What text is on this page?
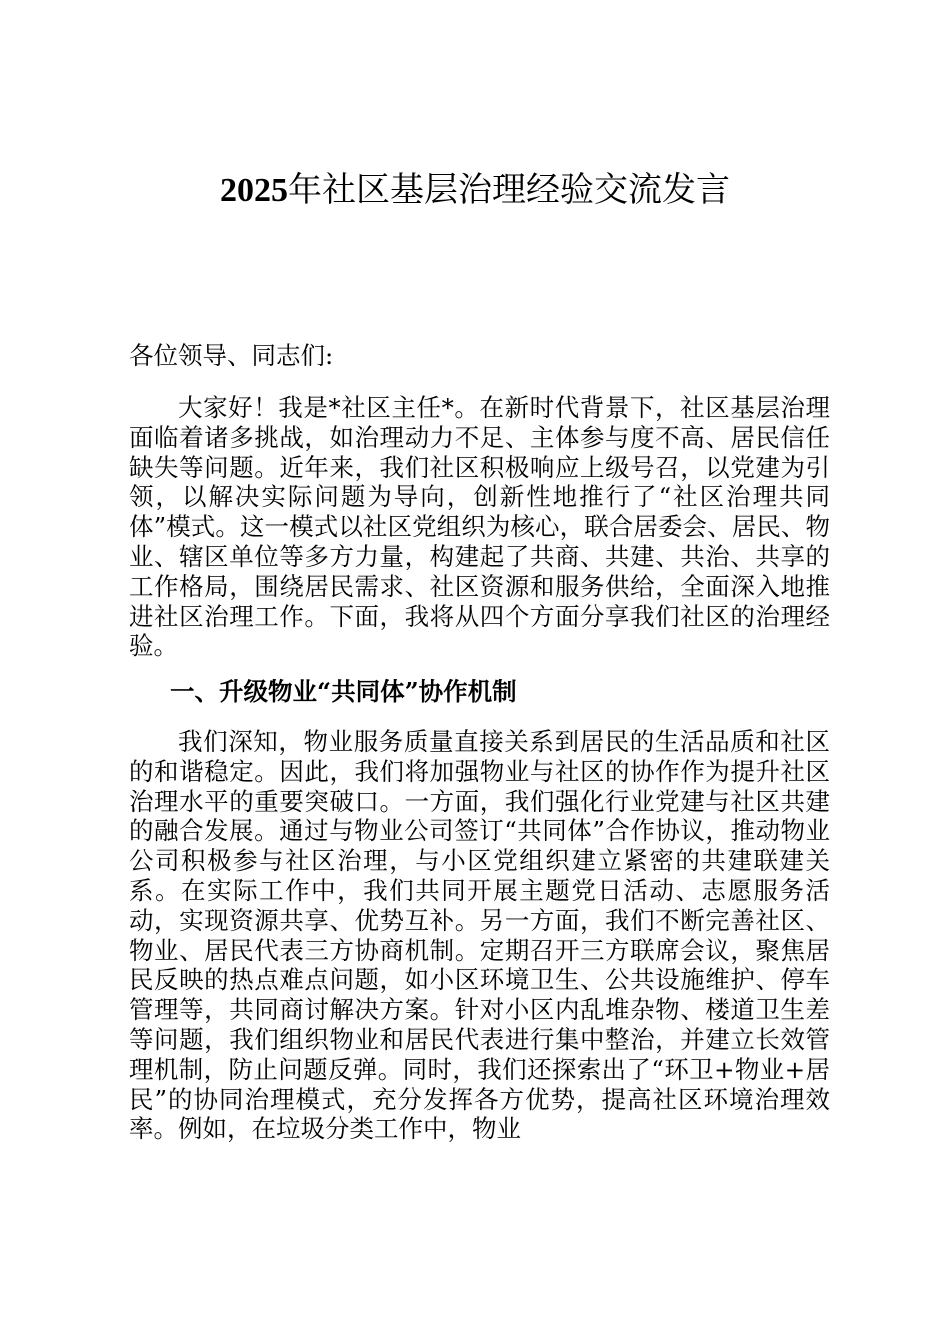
2025年社区基层治理经验交流发言
各位领导、同志们:

大家好！我是*社区主任*。在新时代背景下，社区基层治理面临着诸多挑战，如治理动力不足、主体参与度不高、居民信任缺失等问题。近年来，我们社区积极响应上级号召，以党建为引领，以解决实际问题为导向，创新性地推行了“社区治理共同体”模式。这一模式以社区党组织为核心，联合居委会、居民、物业、辖区单位等多方力量，构建起了共商、共建、共治、共享的工作格局，围绕居民需求、社区资源和服务供给，全面深入地推进社区治理工作。下面，我将从四个方面分享我们社区的治理经验。

一、升级物业“共同体”协作机制

我们深知，物业服务质量直接关系到居民的生活品质和社区的和谐稳定。因此，我们将加强物业与社区的协作作为提升社区治理水平的重要突破口。一方面，我们强化行业党建与社区共建的融合发展。通过与物业公司签订“共同体”合作协议，推动物业公司积极参与社区治理，与小区党组织建立紧密的共建联建关系。在实际工作中，我们共同开展主题党日活动、志愿服务活动，实现资源共享、优势互补。另一方面，我们不断完善社区、物业、居民代表三方协商机制。定期召开三方联席会议，聚焦居民反映的热点难点问题，如小区环境卫生、公共设施维护、停车管理等，共同商讨解决方案。针对小区内乱堆杂物、楼道卫生差等问题，我们组织物业和居民代表进行集中整治，并建立长效管理机制，防止问题反弹。同时，我们还探索出了“环卫+物业+居民”的协同治理模式，充分发挥各方优势，提高社区环境治理效率。例如，在垃圾分类工作中，物业
